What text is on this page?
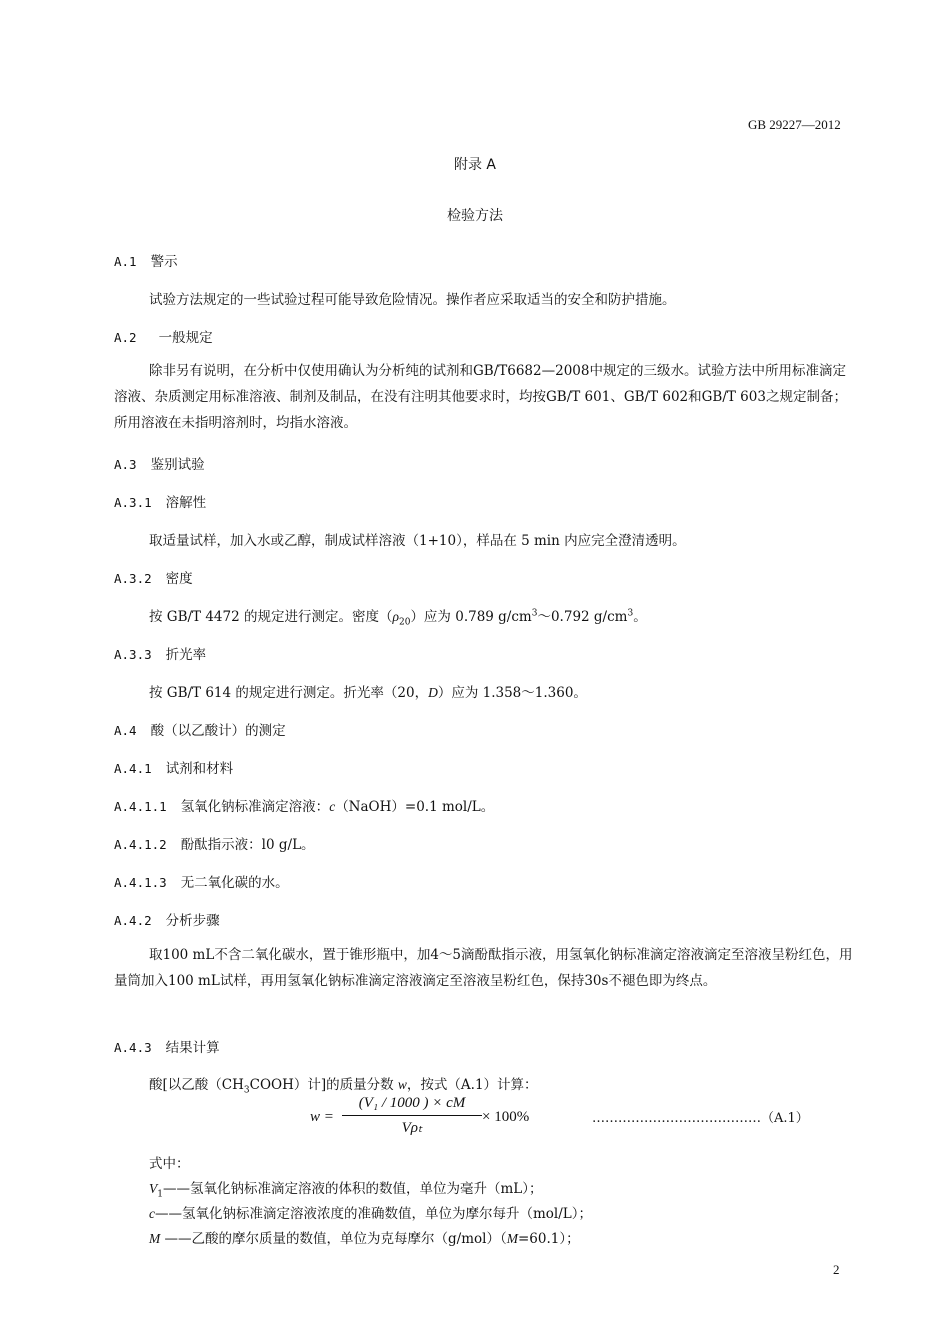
GB 29227—2012
附录 A
检验方法
A.1 警示
试验方法规定的一些试验过程可能导致危险情况。操作者应采取适当的安全和防护措施。
A.2 一般规定
除非另有说明，在分析中仅使用确认为分析纯的试剂和GB/T6682—2008中规定的三级水。试验方法中所用标准滴定溶液、杂质测定用标准溶液、制剂及制品，在没有注明其他要求时，均按GB/T 601、GB/T 602和GB/T 603之规定制备；所用溶液在未指明溶剂时，均指水溶液。
A.3 鉴别试验
A.3.1 溶解性
取适量试样，加入水或乙醇，制成试样溶液（1+10），样品在 5 min 内应完全澄清透明。
A.3.2 密度
按 GB/T 4472 的规定进行测定。密度$(\rho_{20})$应为 0.789 $g/cm^3\sim 0.792$ $g/cm^3$。
A.3.3 折光率
按 GB/T 614 的规定进行测定。折光率（20，D）应为 1.358～1.360。
A.4 酸（以乙酸计）的测定
A.4.1 试剂和材料
A.4.1.1 氢氧化钠标准滴定溶液：c（NaOH）=0.1 mol/L。
A.4.1.2 酚酞指示液：l0 g/L。
A.4.1.3 无二氧化碳的水。
A.4.2 分析步骤
取100 mL不含二氧化碳水，置于锥形瓶中，加4～5滴酚酞指示液，用氢氧化钠标准滴定溶液滴定至溶液呈粉红色，用量筒加入100 mL试样，再用氢氧化钠标准滴定溶液滴定至溶液呈粉红色，保持30s不褪色即为终点。
A.4.3 结果计算
酸[以乙酸$(CH_3COOH)$计]的质量分数 w，按式（A.1）计算：
w =
(V₁ / 1000 ) × cM
Vρₜ
× 100%	…………………………………（A.1）
式中：
$V_1——$氢氧化钠标准滴定溶液的体积的数值，单位为毫升（mL）；
c——氢氧化钠标准滴定溶液浓度的准确数值，单位为摩尔每升（mol/L）；
M ——乙酸的摩尔质量的数值，单位为克每摩尔（g/mol）（M=60.1）；
2
